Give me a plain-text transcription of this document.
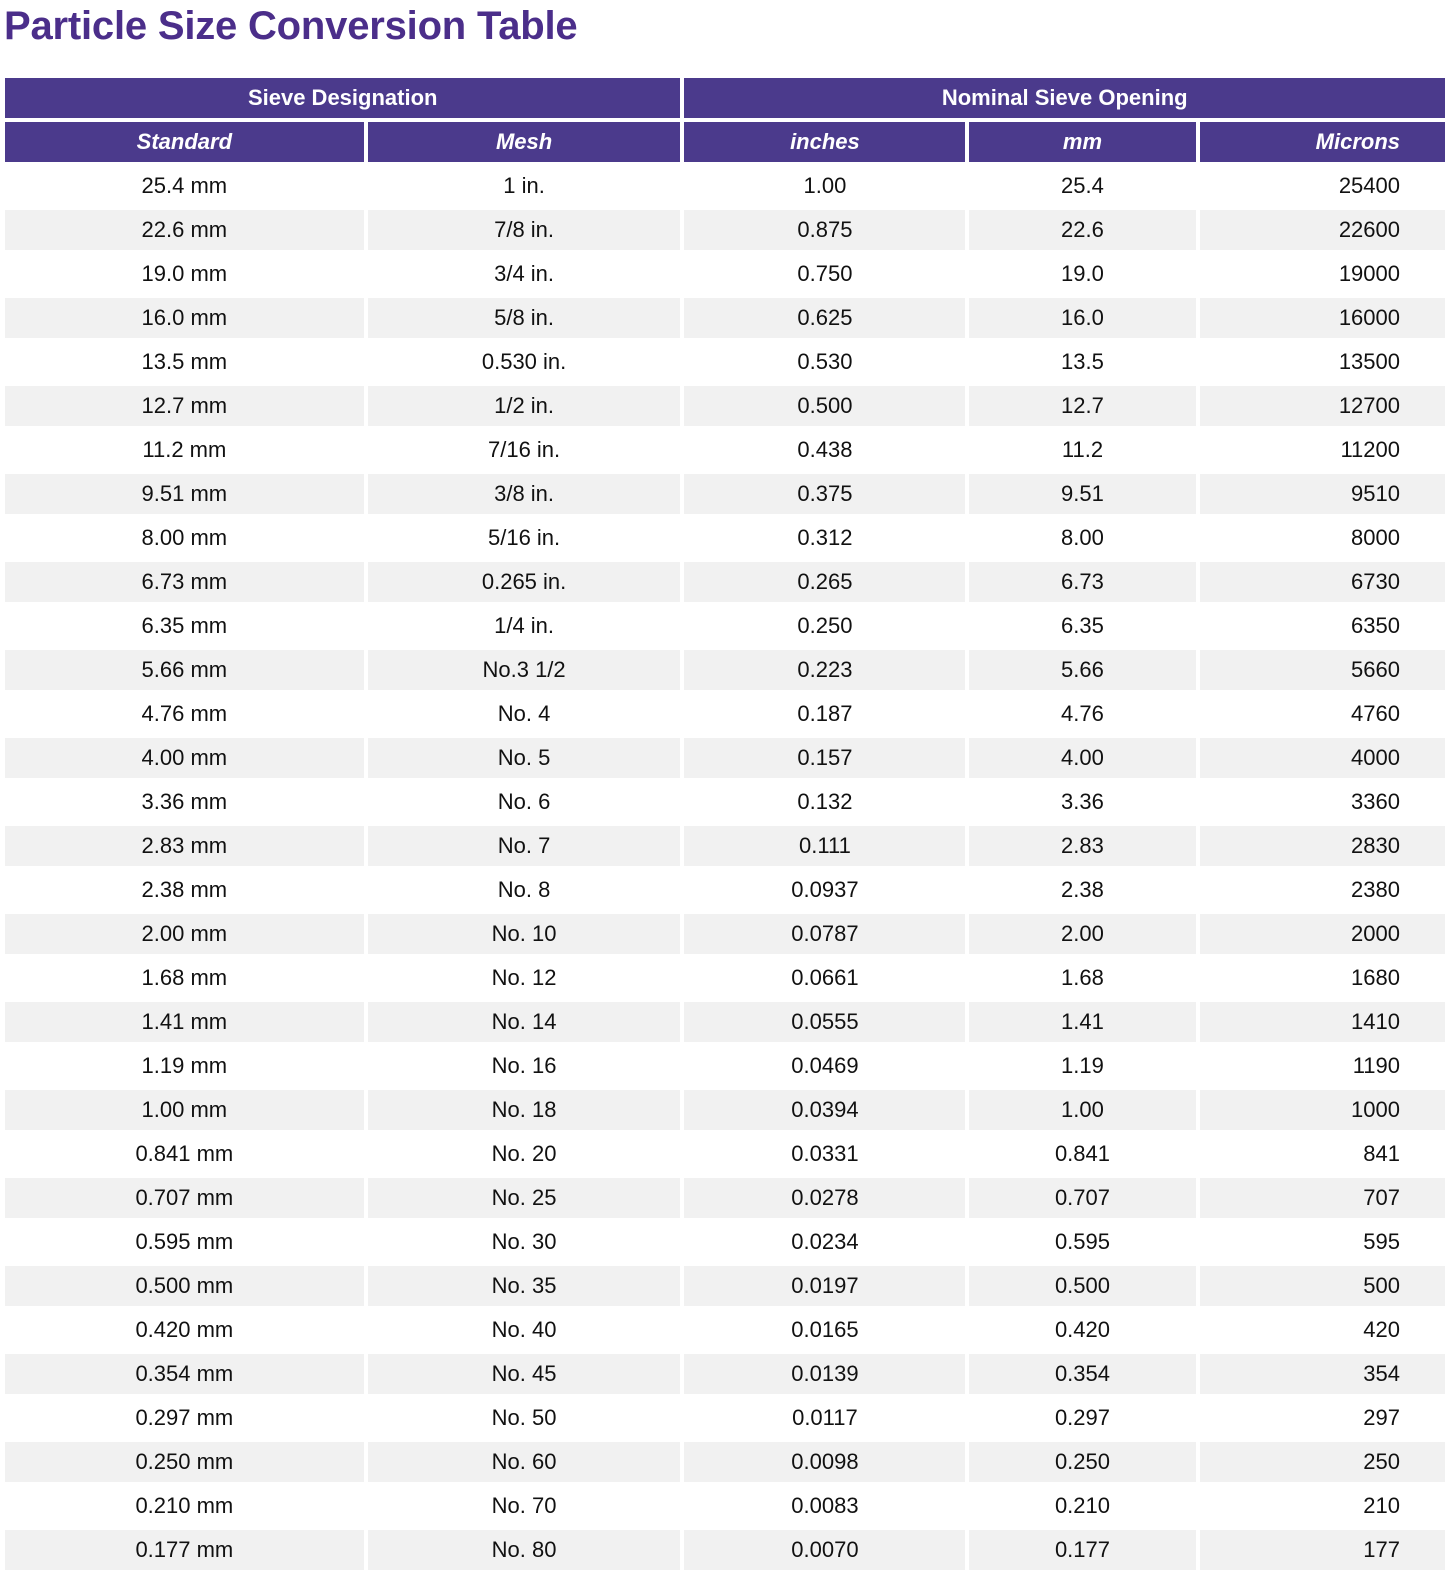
Particle Size Conversion Table
Sieve Designation		Nominal Sieve Opening		
Standard	Mesh	inches	mm	Microns
25.4 mm	1 in.	1.00	25.4	25400
22.6 mm	7/8 in.	0.875	22.6	22600
19.0 mm	3/4 in.	0.750	19.0	19000
16.0 mm	5/8 in.	0.625	16.0	16000
13.5 mm	0.530 in.	0.530	13.5	13500
12.7 mm	1/2 in.	0.500	12.7	12700
11.2 mm	7/16 in.	0.438	11.2	11200
9.51 mm	3/8 in.	0.375	9.51	9510
8.00 mm	5/16 in.	0.312	8.00	8000
6.73 mm	0.265 in.	0.265	6.73	6730
6.35 mm	1/4 in.	0.250	6.35	6350
5.66 mm	No.3 1/2	0.223	5.66	5660
4.76 mm	No. 4	0.187	4.76	4760
4.00 mm	No. 5	0.157	4.00	4000
3.36 mm	No. 6	0.132	3.36	3360
2.83 mm	No. 7	0.111	2.83	2830
2.38 mm	No. 8	0.0937	2.38	2380
2.00 mm	No. 10	0.0787	2.00	2000
1.68 mm	No. 12	0.0661	1.68	1680
1.41 mm	No. 14	0.0555	1.41	1410
1.19 mm	No. 16	0.0469	1.19	1190
1.00 mm	No. 18	0.0394	1.00	1000
0.841 mm	No. 20	0.0331	0.841	841
0.707 mm	No. 25	0.0278	0.707	707
0.595 mm	No. 30	0.0234	0.595	595
0.500 mm	No. 35	0.0197	0.500	500
0.420 mm	No. 40	0.0165	0.420	420
0.354 mm	No. 45	0.0139	0.354	354
0.297 mm	No. 50	0.0117	0.297	297
0.250 mm	No. 60	0.0098	0.250	250
0.210 mm	No. 70	0.0083	0.210	210
0.177 mm	No. 80	0.0070	0.177	177
